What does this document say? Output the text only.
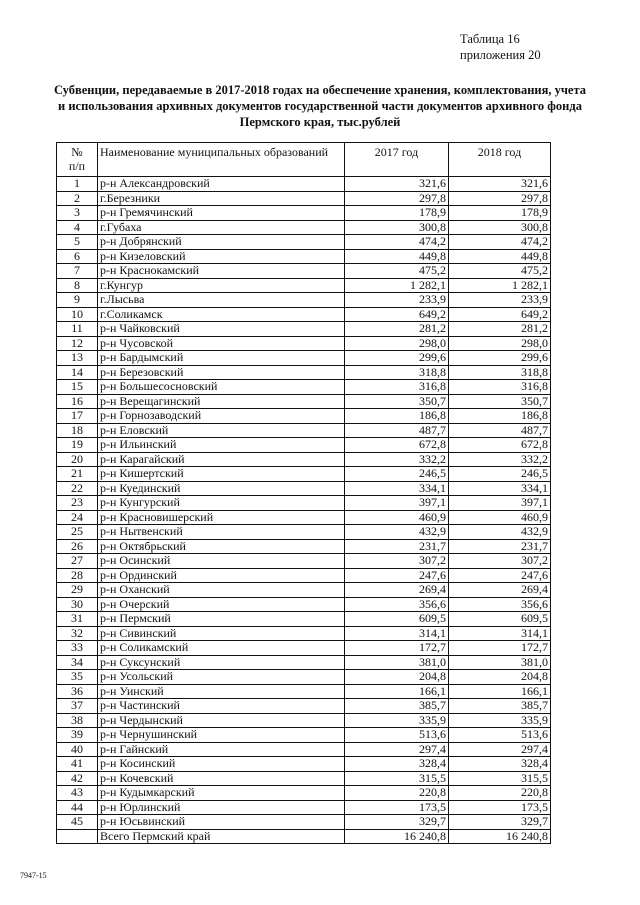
Таблица 16
приложения 20
Субвенции, передаваемые в 2017-2018 годах на обеспечение хранения, комплектования, учета
и использования архивных документов государственной части документов архивного фонда
Пермского края, тыс.рублей
№
п/п	Наименование муниципальных образований	2017 год	2018 год
1	р-н Александровский	321,6	321,6
2	г.Березники	297,8	297,8
3	р-н Гремячинский	178,9	178,9
4	г.Губаха	300,8	300,8
5	р-н Добрянский	474,2	474,2
6	р-н Кизеловский	449,8	449,8
7	р-н Краснокамский	475,2	475,2
8	г.Кунгур	1 282,1	1 282,1
9	г.Лысьва	233,9	233,9
10	г.Соликамск	649,2	649,2
11	р-н Чайковский	281,2	281,2
12	р-н Чусовской	298,0	298,0
13	р-н Бардымский	299,6	299,6
14	р-н Березовский	318,8	318,8
15	р-н Большесосновский	316,8	316,8
16	р-н Верещагинский	350,7	350,7
17	р-н Горнозаводский	186,8	186,8
18	р-н Еловский	487,7	487,7
19	р-н Ильинский	672,8	672,8
20	р-н Карагайский	332,2	332,2
21	р-н Кишертский	246,5	246,5
22	р-н Куединский	334,1	334,1
23	р-н Кунгурский	397,1	397,1
24	р-н Красновишерский	460,9	460,9
25	р-н Нытвенский	432,9	432,9
26	р-н Октябрьский	231,7	231,7
27	р-н Осинский	307,2	307,2
28	р-н Ординский	247,6	247,6
29	р-н Оханский	269,4	269,4
30	р-н Очерский	356,6	356,6
31	р-н Пермский	609,5	609,5
32	р-н Сивинский	314,1	314,1
33	р-н Соликамский	172,7	172,7
34	р-н Суксунский	381,0	381,0
35	р-н Усольский	204,8	204,8
36	р-н Уинский	166,1	166,1
37	р-н Частинский	385,7	385,7
38	р-н Чердынский	335,9	335,9
39	р-н Чернушинский	513,6	513,6
40	р-н Гайнский	297,4	297,4
41	р-н Косинский	328,4	328,4
42	р-н Кочевский	315,5	315,5
43	р-н Кудымкарский	220,8	220,8
44	р-н Юрлинский	173,5	173,5
45	р-н Юсьвинский	329,7	329,7
	Всего Пермский край	16 240,8	16 240,8
7947-15
